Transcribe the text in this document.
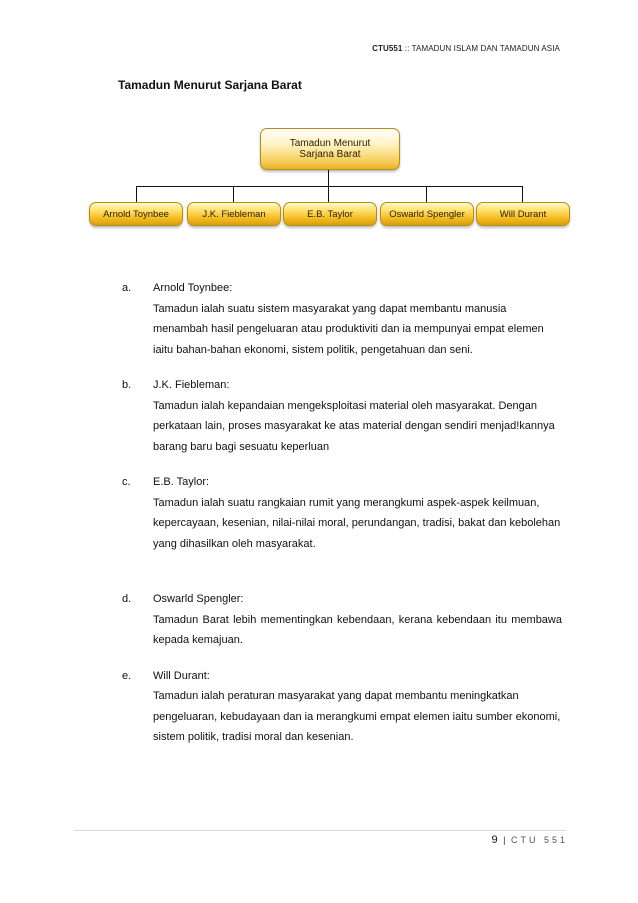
CTU551 :: TAMADUN ISLAM DAN TAMADUN ASIA
Tamadun Menurut Sarjana Barat
Tamadun Menurut
Sarjana Barat
Arnold Toynbee	J.K. Fiebleman	E.B. Taylor	Oswarld Spengler	Will Durant
a. Arnold Toynbee:
Tamadun ialah suatu sistem masyarakat yang dapat membantu manusia menambah hasil pengeluaran atau produktiviti dan ia mempunyai empat elemen iaitu bahan-bahan ekonomi, sistem politik, pengetahuan dan seni.
b. J.K. Fiebleman:
Tamadun ialah kepandaian mengeksploitasi material oleh masyarakat. Dengan perkataan lain, proses masyarakat ke atas material dengan sendiri menjad!kannya barang baru bagi sesuatu keperluan
c. E.B. Taylor:
Tamadun ialah suatu rangkaian rumit yang merangkumi aspek-aspek keilmuan, kepercayaan, kesenian, nilai-nilai moral, perundangan, tradisi, bakat dan kebolehan yang dihasilkan oleh masyarakat.
d. Oswarld Spengler:
Tamadun Barat lebih mementingkan kebendaan, kerana kebendaan itu membawa kepada kemajuan.
e. Will Durant:
Tamadun ialah peraturan masyarakat yang dapat membantu meningkatkan pengeluaran, kebudayaan dan ia merangkumi empat elemen iaitu sumber ekonomi, sistem politik, tradisi moral dan kesenian.
9 | CTU 551
